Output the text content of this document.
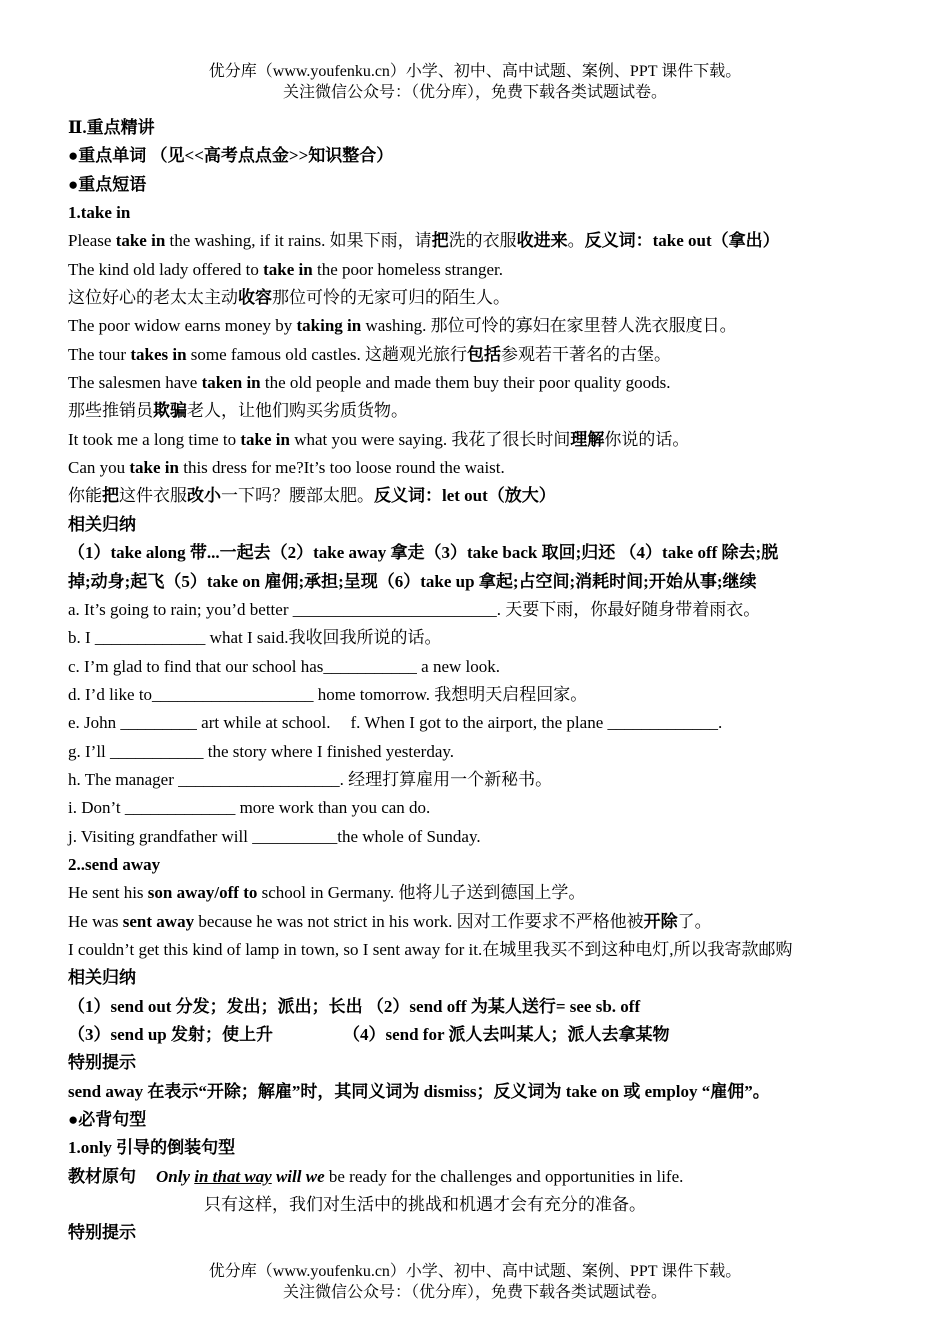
优分库（www.youfenku.cn）小学、初中、高中试题、案例、PPT 课件下载。
关注微信公众号：（优分库），免费下载各类试题试卷。
Ⅱ.重点精讲
●重点单词 （见<<高考点点金>>知识整合）
●重点短语
1.take in
Please take in the washing, if it rains. 如果下雨，请把洗的衣服收进来。反义词：take out（拿出）
The kind old lady offered to take in the poor homeless stranger.
这位好心的老太太主动收容那位可怜的无家可归的陌生人。
The poor widow earns money by taking in washing. 那位可怜的寡妇在家里替人洗衣服度日。
The tour takes in some famous old castles. 这趟观光旅行包括参观若干著名的古堡。
The salesmen have taken in the old people and made them buy their poor quality goods.
那些推销员欺骗老人，让他们购买劣质货物。
It took me a long time to take in what you were saying. 我花了很长时间理解你说的话。
Can you take in this dress for me?It’s too loose round the waist.
你能把这件衣服改小一下吗？腰部太肥。反义词：let out（放大）
相关归纳
（1）take along 带...一起去（2）take away 拿走（3）take back 取回;归还 （4）take off 除去;脱
掉;动身;起飞（5）take on 雇佣;承担;呈现（6）take up 拿起;占空间;消耗时间;开始从事;继续
a. It’s going to rain; you’d better ________________________. 天要下雨，你最好随身带着雨衣。
b. I _____________ what I said.我收回我所说的话。
c. I’m glad to find that our school has___________ a new look.
d. I’d like to___________________ home tomorrow. 我想明天启程回家。
e. John _________ art while at school. f. When I got to the airport, the plane _____________.
g. I’ll ___________ the story where I finished yesterday.
h. The manager ___________________. 经理打算雇用一个新秘书。
i. Don’t _____________ more work than you can do.
j. Visiting grandfather will __________the whole of Sunday.
2..send away
He sent his son away/off to school in Germany. 他将儿子送到德国上学。
He was sent away because he was not strict in his work. 因对工作要求不严格他被开除了。
I couldn’t get this kind of lamp in town, so I sent away for it.在城里我买不到这种电灯,所以我寄款邮购
相关归纳
（1）send out 分发；发出；派出；长出 （2）send off 为某人送行= see sb. off
（3）send up 发射；使上升	（4）send for 派人去叫某人；派人去拿某物
特别提示
send away 在表示“开除；解雇”时，其同义词为 dismiss；反义词为 take on 或 employ “雇佣”。
●必背句型
1.only 引导的倒装句型
教材原句 Only in that way will we be ready for the challenges and opportunities in life.
只有这样，我们对生活中的挑战和机遇才会有充分的准备。
特别提示
优分库（www.youfenku.cn）小学、初中、高中试题、案例、PPT 课件下载。
关注微信公众号：（优分库），免费下载各类试题试卷。
